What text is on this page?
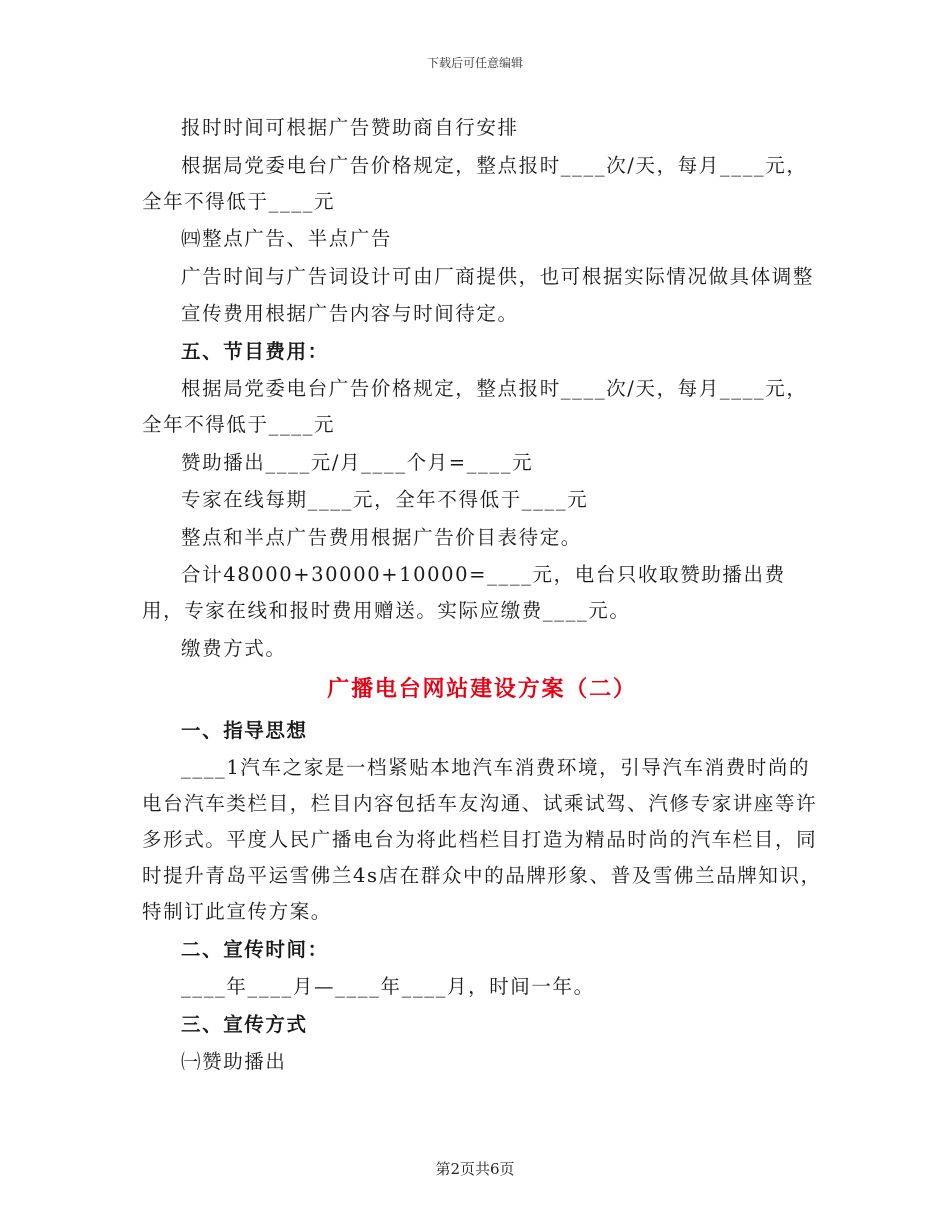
下载后可任意编辑

报时时间可根据广告赞助商自行安排

根据局党委电台广告价格规定，整点报时____次/天，每月____元，全年不得低于____元

㈣整点广告、半点广告

广告时间与广告词设计可由厂商提供，也可根据实际情况做具体调整

宣传费用根据广告内容与时间待定。

五、节目费用：

根据局党委电台广告价格规定，整点报时____次/天，每月____元，全年不得低于____元

赞助播出____元/月____个月=____元

专家在线每期____元，全年不得低于____元

整点和半点广告费用根据广告价目表待定。

合计48000+30000+10000=____元，电台只收取赞助播出费用，专家在线和报时费用赠送。实际应缴费____元。

缴费方式。

广播电台网站建设方案（二）

一、指导思想

____1汽车之家是一档紧贴本地汽车消费环境，引导汽车消费时尚的电台汽车类栏目，栏目内容包括车友沟通、试乘试驾、汽修专家讲座等许多形式。平度人民广播电台为将此档栏目打造为精品时尚的汽车栏目，同时提升青岛平运雪佛兰4s店在群众中的品牌形象、普及雪佛兰品牌知识，特制订此宣传方案。

二、宣传时间：

____年____月—____年____月，时间一年。

三、宣传方式

㈠赞助播出

第2页共6页
